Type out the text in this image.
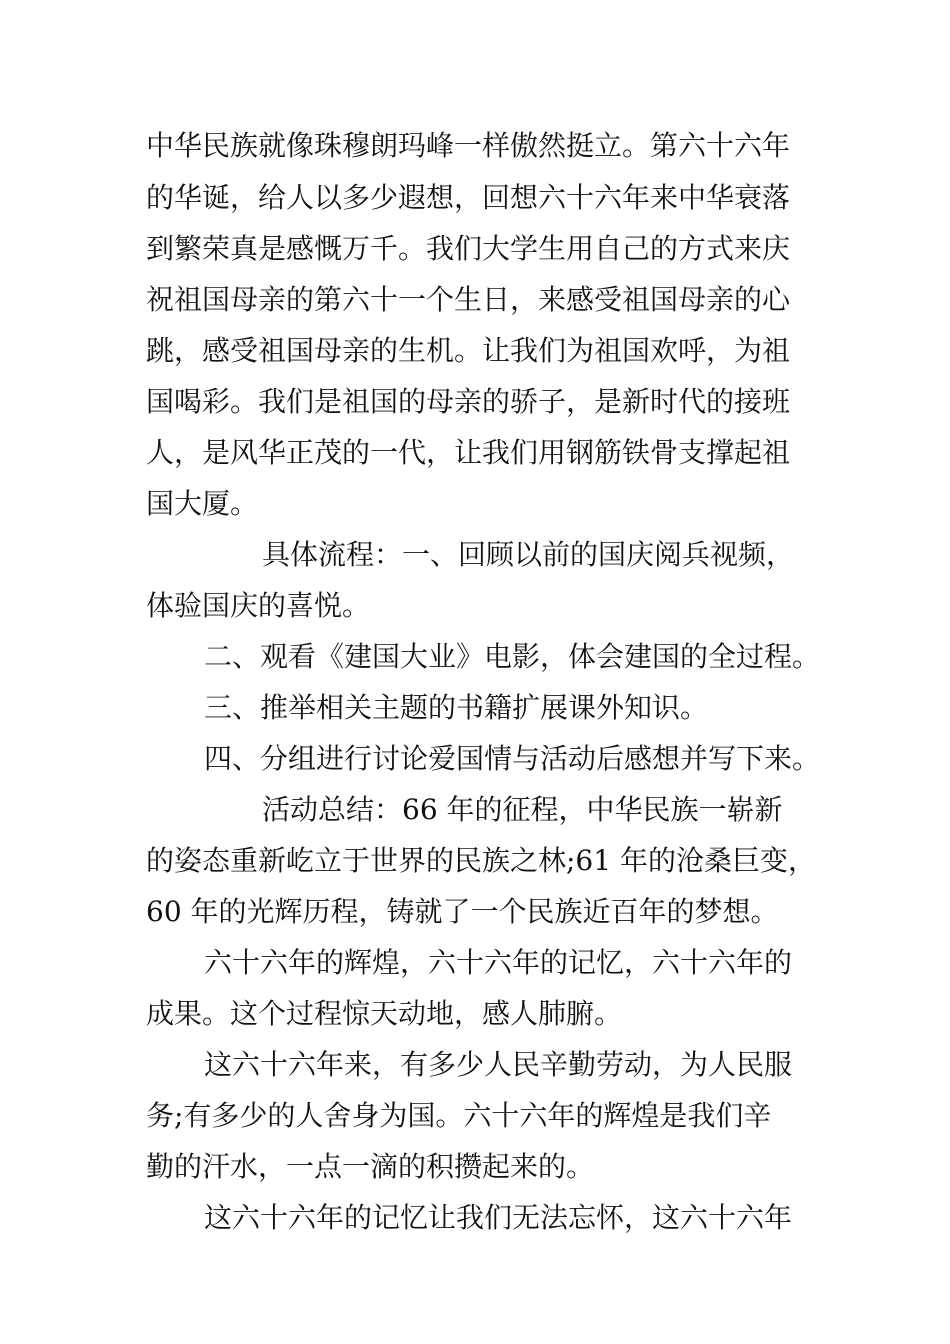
中华民族就像珠穆朗玛峰一样傲然挺立。第六十六年
的华诞，给人以多少遐想，回想六十六年来中华衰落
到繁荣真是感慨万千。我们大学生用自己的方式来庆
祝祖国母亲的第六十一个生日，来感受祖国母亲的心
跳，感受祖国母亲的生机。让我们为祖国欢呼，为祖
国喝彩。我们是祖国的母亲的骄子，是新时代的接班
人，是风华正茂的一代，让我们用钢筋铁骨支撑起祖
国大厦。
具体流程：一、回顾以前的国庆阅兵视频，
体验国庆的喜悦。
二、观看《建国大业》电影，体会建国的全过程。
三、推举相关主题的书籍扩展课外知识。
四、分组进行讨论爱国情与活动后感想并写下来。
活动总结：66 年的征程，中华民族一崭新
的姿态重新屹立于世界的民族之林;61 年的沧桑巨变，
60 年的光辉历程，铸就了一个民族近百年的梦想。
六十六年的辉煌，六十六年的记忆，六十六年的
成果。这个过程惊天动地，感人肺腑。
这六十六年来，有多少人民辛勤劳动，为人民服
务;有多少的人舍身为国。六十六年的辉煌是我们辛
勤的汗水，一点一滴的积攒起来的。
这六十六年的记忆让我们无法忘怀，这六十六年
